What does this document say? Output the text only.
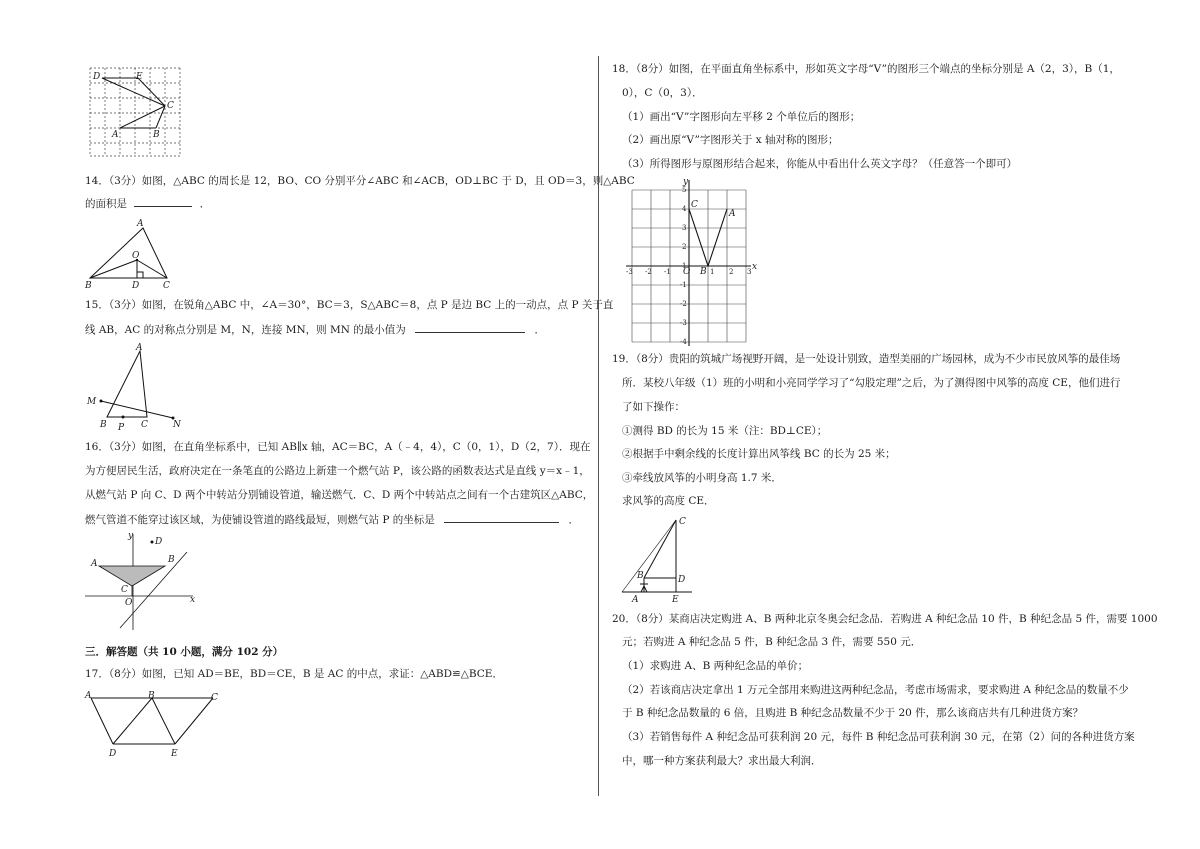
D	E
C
A	B
14．（3分）如图，△ABC 的周长是 12，BO、CO 分别平分∠ABC 和∠ACB，OD⊥BC 于 D，且 OD＝3，则△ABC
的面积是	．
A
O
B	D	C
15．（3分）如图，在锐角△ABC 中，∠A＝30°，BC＝3，S△ABC＝8，点 P 是边 BC 上的一动点，点 P 关于直
线 AB，AC 的对称点分别是 M，N，连接 MN，则 MN 的最小值为	．
A
M
N
B P C
16．（3分）如图，在直角坐标系中，已知 AB∥x 轴，AC＝BC，A（﹣4，4），C（0，1），D（2，7）．现在
为方便居民生活，政府决定在一条笔直的公路边上新建一个燃气站 P，该公路的函数表达式是直线 y＝x﹣1，
从燃气站 P 向 C、D 两个中转站分别铺设管道，输送燃气．C、D 两个中转站点之间有一个古建筑区△ABC，
燃气管道不能穿过该区域，为使铺设管道的路线最短，则燃气站 P 的坐标是	．
y
D
A	B
C
O	x
三．解答题（共 10 小题，满分 102 分）
17．（8分）如图，已知 AD＝BE，BD＝CE，B 是 AC 的中点，求证：△ABD≌△BCE．
A	B	C
D	E
18．（8分）如图，在平面直角坐标系中，形如英文字母“V”的图形三个端点的坐标分别是 A（2，3），B（1，
0），C（0，3）．
（1）画出“V”字图形向左平移 2 个单位后的图形；
（2）画出原“V”字图形关于 x 轴对称的图形；
（3）所得图形与原图形结合起来，你能从中看出什么英文字母？（任意答一个即可）
y
x
C
A
B
O
-3 -2 -1	1 2 3
5
4
3
2
1
-1
-2
-3
-4
19．（8分）贵阳的筑城广场视野开阔，是一处设计别致，造型美丽的广场园林，成为不少市民放风筝的最佳场
所．某校八年级（1）班的小明和小亮同学学习了“勾股定理”之后，为了测得图中风筝的高度 CE，他们进行
了如下操作：
①测得 BD 的长为 15 米（注：BD⊥CE）；
②根据手中剩余线的长度计算出风筝线 BC 的长为 25 米；
③牵线放风筝的小明身高 1.7 米．
求风筝的高度 CE．
C
B	D
A	E
20．（8分）某商店决定购进 A、B 两种北京冬奥会纪念品．若购进 A 种纪念品 10 件，B 种纪念品 5 件，需要 1000
元；若购进 A 种纪念品 5 件，B 种纪念品 3 件，需要 550 元．
（1）求购进 A、B 两种纪念品的单价；
（2）若该商店决定拿出 1 万元全部用来购进这两种纪念品，考虑市场需求，要求购进 A 种纪念品的数量不少
于 B 种纪念品数量的 6 倍，且购进 B 种纪念品数量不少于 20 件，那么该商店共有几种进货方案？
（3）若销售每件 A 种纪念品可获利润 20 元，每件 B 种纪念品可获利润 30 元，在第（2）问的各种进货方案
中，哪一种方案获利最大？求出最大利润．
